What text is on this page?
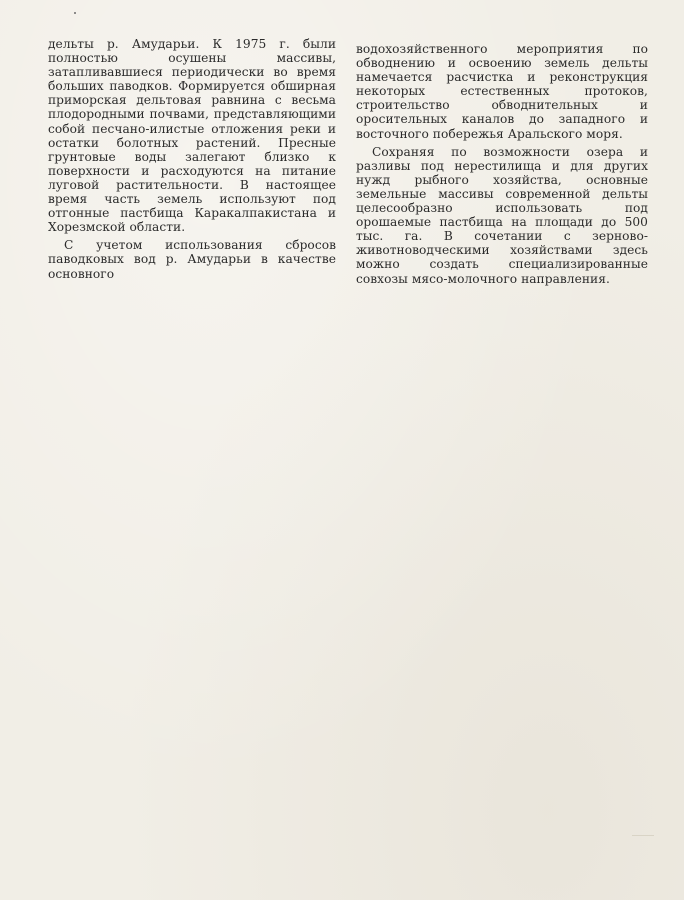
дельты р. Амударьи. К 1975 г. были полностью осушены массивы, затапливавшиеся периодически во время больших паводков. Формируется обширная приморская дельтовая равнина с весьма плодородными почвами, представляющими собой песчано-илистые отложения реки и остатки болотных растений. Пресные грунтовые воды залегают близко к поверхности и расходуются на питание луговой растительности. В настоящее время часть земель используют под отгонные пастбища Каракалпакистана и Хорезмской области.

С учетом использования сбросов паводковых вод р. Амударьи в качестве основного

водохозяйственного мероприятия по обводнению и освоению земель дельты намечается расчистка и реконструкция некоторых естественных протоков, строительство обводнительных и оросительных каналов до западного и восточного побережья Аральского моря.

Сохраняя по возможности озера и разливы под нерестилища и для других нужд рыбного хозяйства, основные земельные массивы современной дельты целесообразно использовать под орошаемые пастбища на площади до 500 тыс. га. В сочетании с зерново-животноводческими хозяйствами здесь можно создать специализированные совхозы мясо-молочного направления.
